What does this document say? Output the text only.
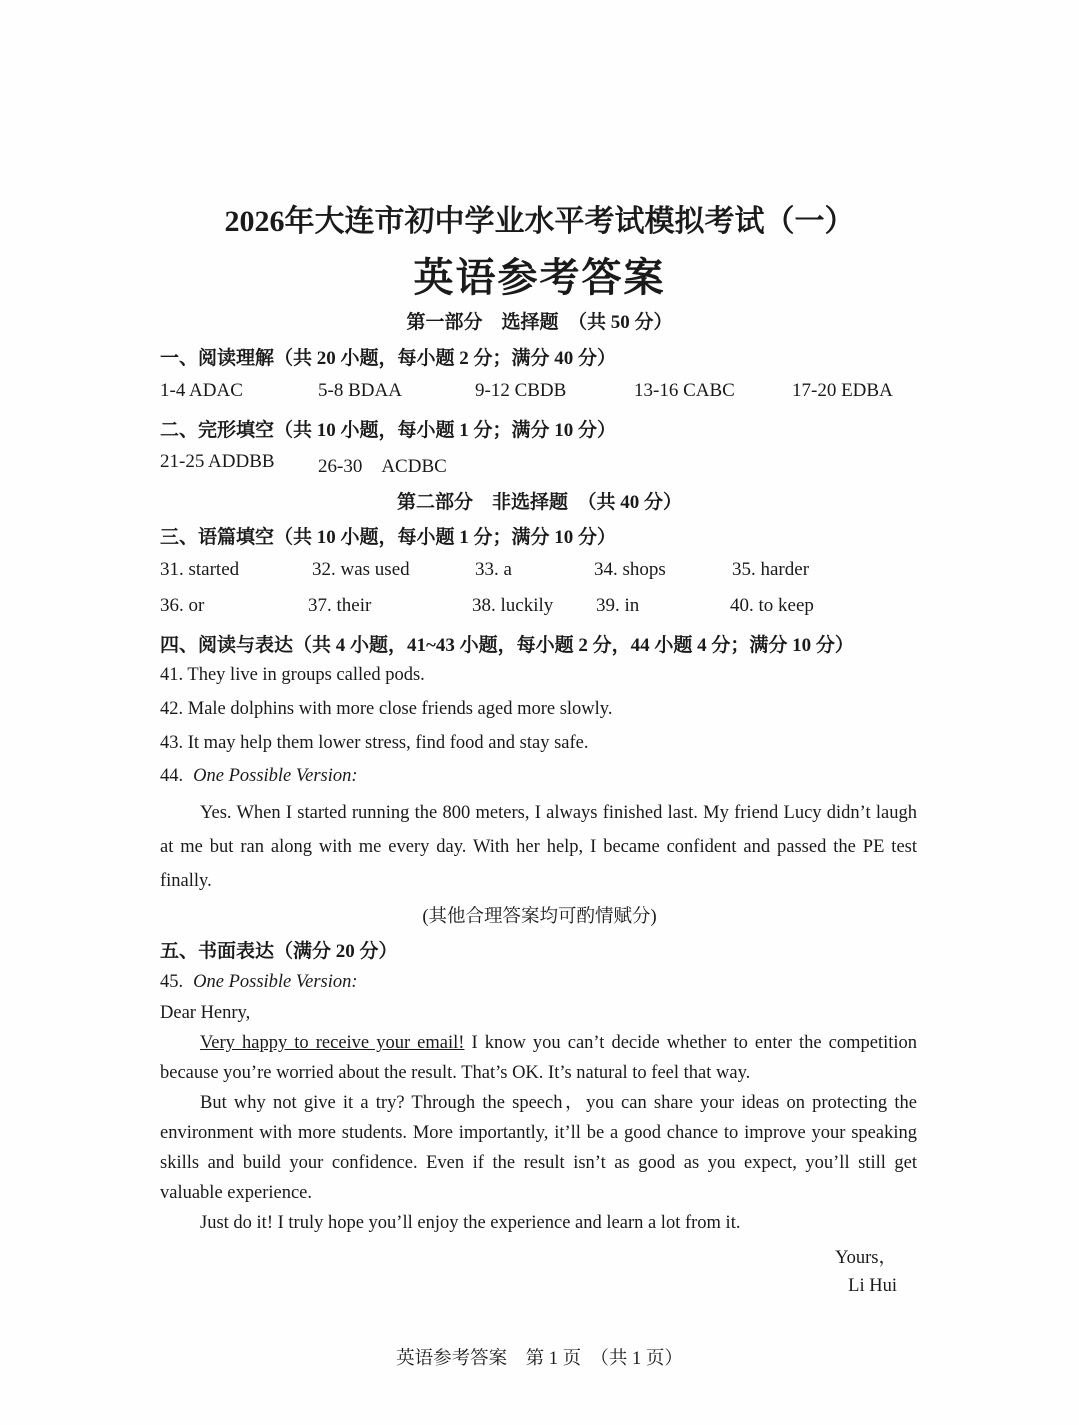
2026年大连市初中学业水平考试模拟考试（一）
英语参考答案
第一部分　选择题　（共 50 分）
一、阅读理解（共 20 小题，每小题 2 分；满分 40 分）
1-4 ADAC	5-8 BDAA	9-12 CBDB	13-16 CABC	17-20 EDBA
二、完形填空（共 10 小题，每小题 1 分；满分 10 分）
21-25 ADDBB 26-30　ACDBC
第二部分　非选择题　（共 40 分）
三、语篇填空（共 10 小题，每小题 1 分；满分 10 分）
31. started	32. was used	33. a	34. shops	35. harder
36. or	37. their	38. luckily 39. in	40. to keep
四、阅读与表达（共 4 小题，41~43 小题，每小题 2 分，44 小题 4 分；满分 10 分）
41. They live in groups called pods.
42. Male dolphins with more close friends aged more slowly.
43. It may help them lower stress, find food and stay safe.
44. One Possible Version:
Yes. When I started running the 800 meters, I always finished last. My friend Lucy didn’t laugh at me but ran along with me every day. With her help, I became confident and passed the PE test finally.
(其他合理答案均可酌情赋分)
五、书面表达（满分 20 分）
45. One Possible Version:
Dear Henry,
Very happy to receive your email! I know you can’t decide whether to enter the competition because you’re worried about the result. That’s OK. It’s natural to feel that way.
But why not give it a try? Through the speech，you can share your ideas on protecting the environment with more students. More importantly, it’ll be a good chance to improve your speaking skills and build your confidence. Even if the result isn’t as good as you expect, you’ll still get valuable experience.
Just do it! I truly hope you’ll enjoy the experience and learn a lot from it.
Yours，
Li Hui
英语参考答案　第 1 页　（共 1 页）
